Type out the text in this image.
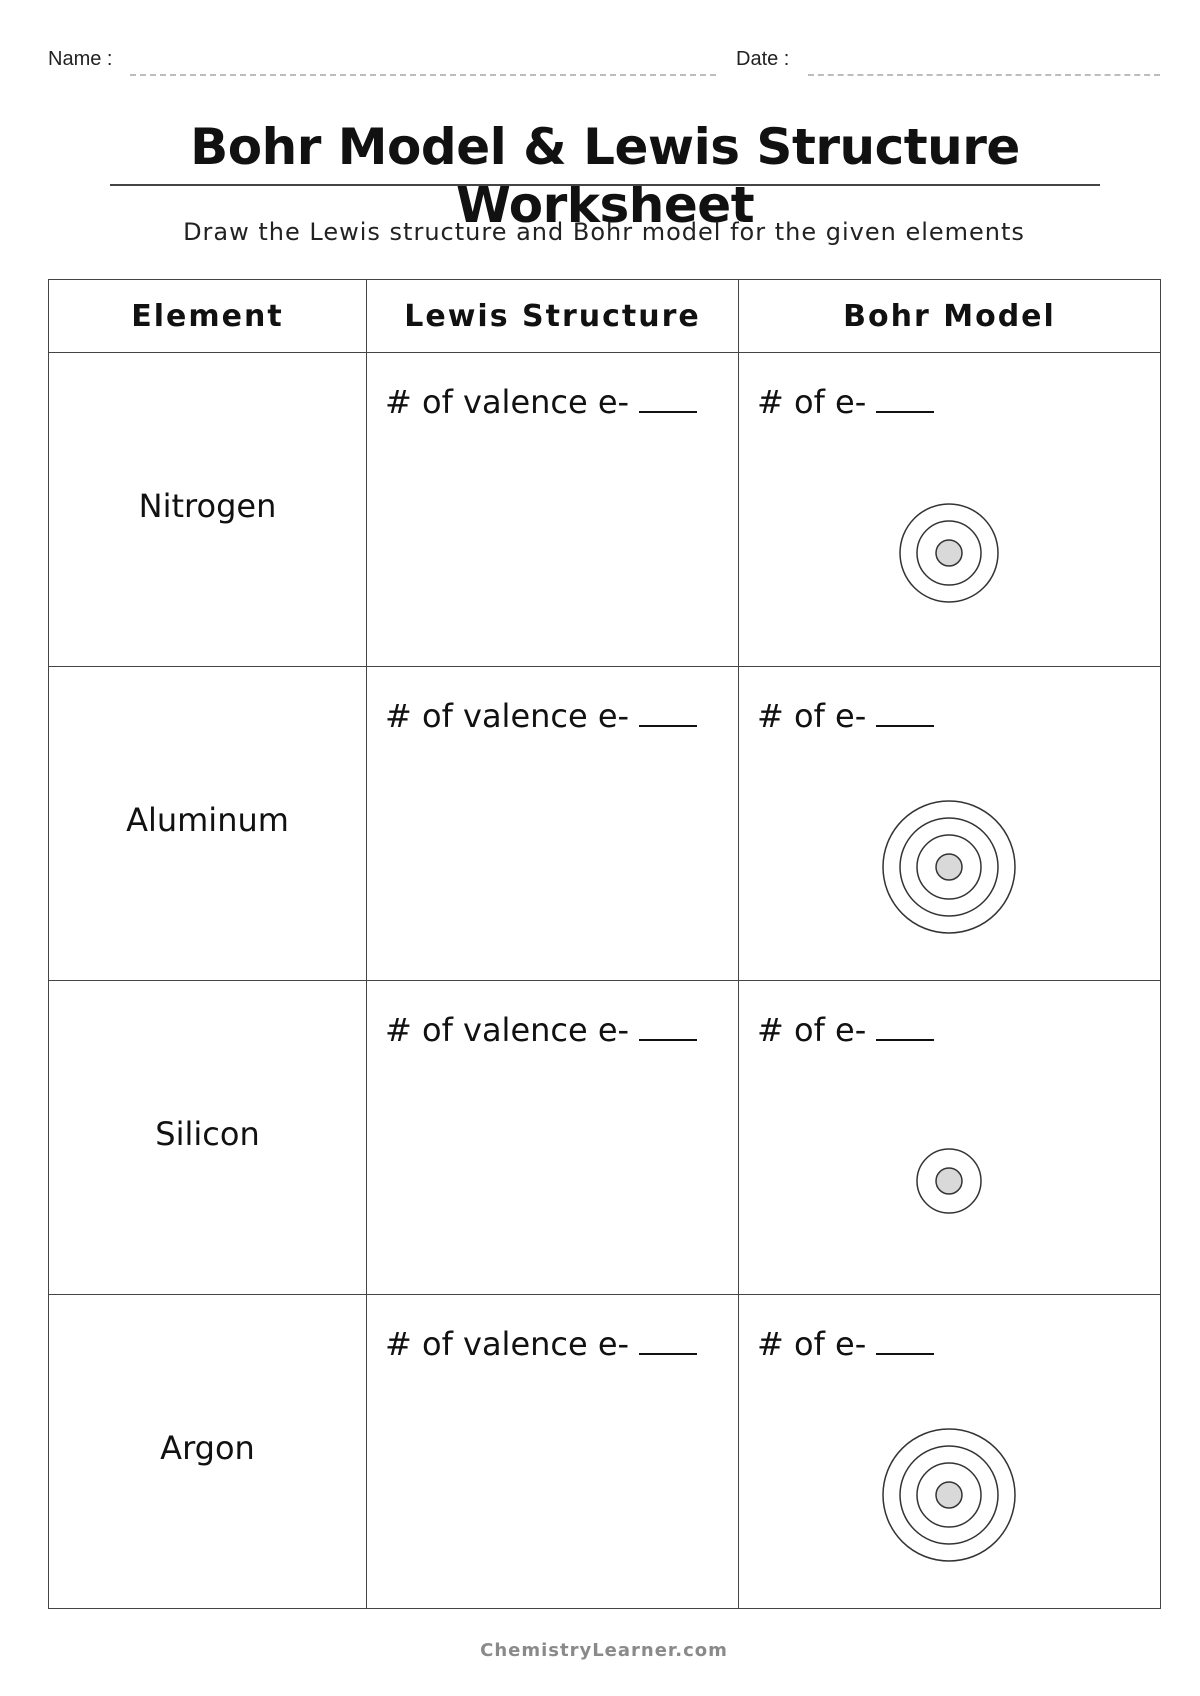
Name :	Date :
Bohr Model & Lewis Structure Worksheet
Draw the Lewis structure and Bohr model for the given elements
Element	Lewis Structure	Bohr Model

Nitrogen	# of valence e-	# of e-

Aluminum	# of valence e-	# of e-

Silicon	# of valence e-	# of e-

Argon	# of valence e-	# of e-
ChemistryLearner.com
